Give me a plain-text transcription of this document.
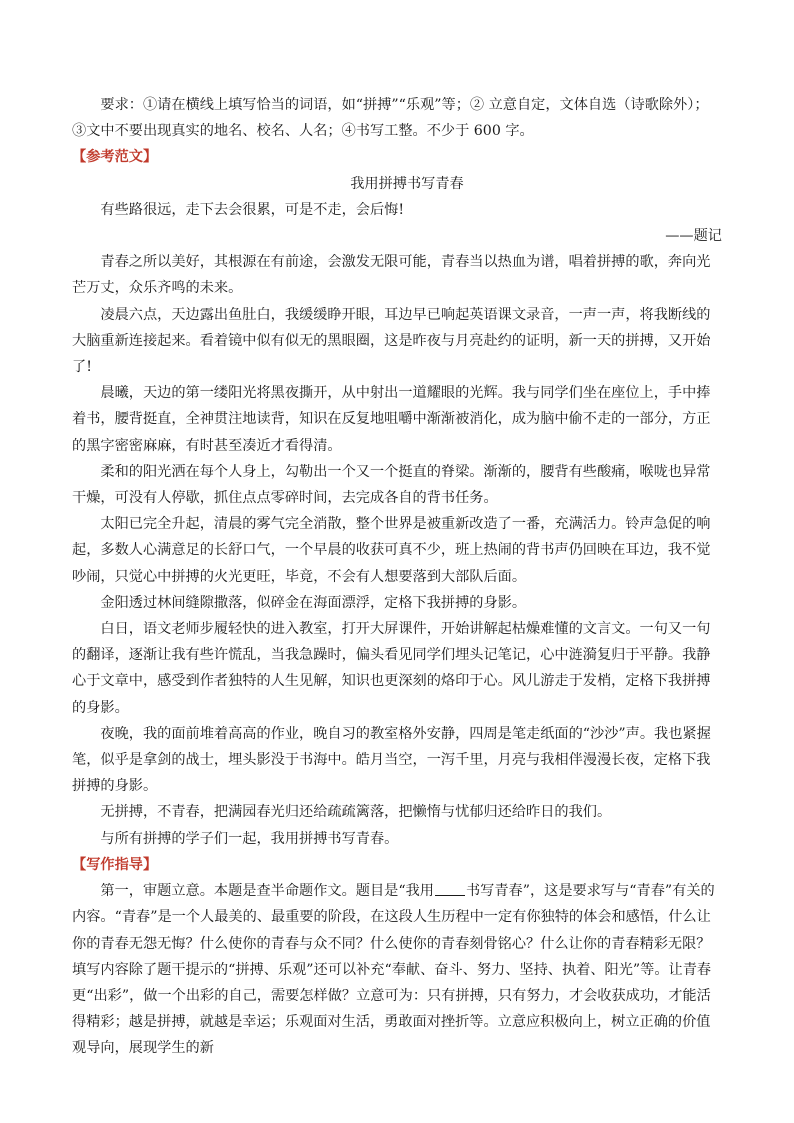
要求：①请在横线上填写恰当的词语，如“拼搏”“乐观”等；② 立意自定，文体自选（诗歌除外）；③文中不要出现真实的地名、校名、人名；④书写工整。不少于 600 字。

【参考范文】

我用拼搏书写青春

有些路很远，走下去会很累，可是不走，会后悔!

——题记

青春之所以美好，其根源在有前途，会激发无限可能，青春当以热血为谱，唱着拼搏的歌，奔向光芒万丈，众乐齐鸣的未来。

凌晨六点，天边露出鱼肚白，我缓缓睁开眼，耳边早已响起英语课文录音，一声一声，将我断线的大脑重新连接起来。看着镜中似有似无的黑眼圈，这是昨夜与月亮赴约的证明，新一天的拼搏，又开始了!

晨曦，天边的第一缕阳光将黑夜撕开，从中射出一道耀眼的光辉。我与同学们坐在座位上，手中捧着书，腰背挺直，全神贯注地读背，知识在反复地咀嚼中渐渐被消化，成为脑中偷不走的一部分，方正的黑字密密麻麻，有时甚至凑近才看得清。

柔和的阳光洒在每个人身上，勾勒出一个又一个挺直的脊梁。渐渐的，腰背有些酸痛，喉咙也异常干燥，可没有人停歇，抓住点点零碎时间，去完成各自的背书任务。

太阳已完全升起，清晨的雾气完全消散，整个世界是被重新改造了一番，充满活力。铃声急促的响起，多数人心满意足的长舒口气，一个早晨的收获可真不少，班上热闹的背书声仍回映在耳边，我不觉吵闹，只觉心中拼搏的火光更旺，毕竟，不会有人想要落到大部队后面。

金阳透过林间缝隙撒落，似碎金在海面漂浮，定格下我拼搏的身影。

白日，语文老师步履轻快的进入教室，打开大屏课件，开始讲解起枯燥难懂的文言文。一句又一句的翻译，逐渐让我有些许慌乱，当我急躁时，偏头看见同学们埋头记笔记，心中涟漪复归于平静。我静心于文章中，感受到作者独特的人生见解，知识也更深刻的烙印于心。风儿游走于发梢，定格下我拼搏的身影。

夜晚，我的面前堆着高高的作业，晚自习的教室格外安静，四周是笔走纸面的“沙沙”声。我也紧握笔，似乎是拿剑的战士，埋头影没于书海中。皓月当空，一泻千里，月亮与我相伴漫漫长夜，定格下我拼搏的身影。

无拼搏，不青春，把满园春光归还给疏疏篱落，把懒惰与忧郁归还给昨日的我们。

与所有拼搏的学子们一起，我用拼搏书写青春。

【写作指导】

第一，审题立意。本题是查半命题作文。题目是“我用 书写青春”，这是要求写与“青春”有关的内容。“青春”是一个人最美的、最重要的阶段，在这段人生历程中一定有你独特的体会和感悟，什么让你的青春无怨无悔？什么使你的青春与众不同？什么使你的青春刻骨铭心？什么让你的青春精彩无限？填写内容除了题干提示的“拼搏、乐观”还可以补充“奉献、奋斗、努力、坚持、执着、阳光”等。让青春更“出彩”，做一个出彩的自己，需要怎样做？立意可为：只有拼搏，只有努力，才会收获成功，才能活得精彩；越是拼搏，就越是幸运；乐观面对生活，勇敢面对挫折等。立意应积极向上，树立正确的价值观导向，展现学生的新
